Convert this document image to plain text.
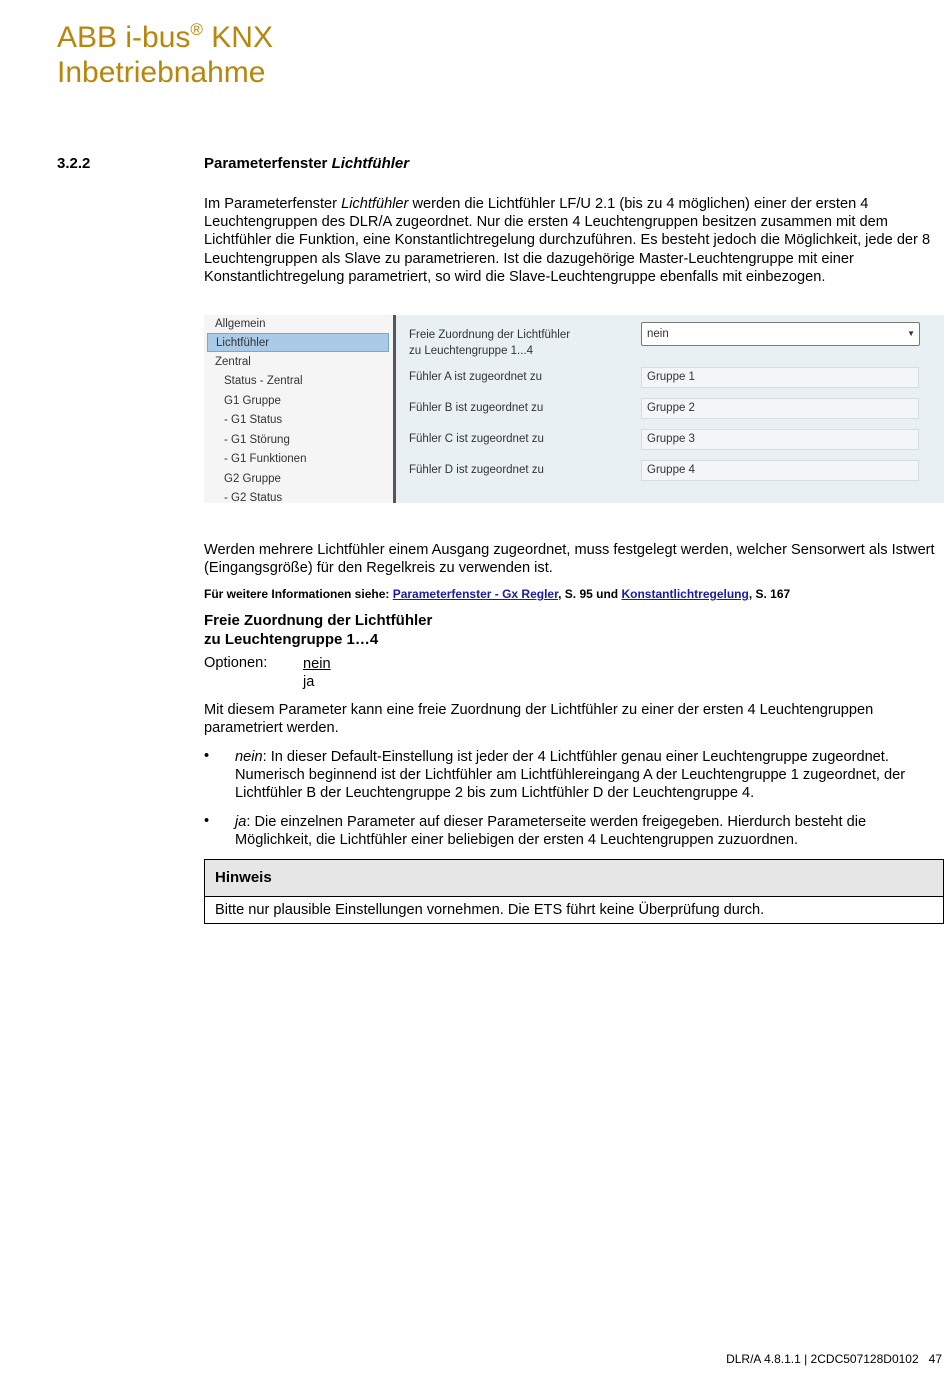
ABB i-bus® KNX
Inbetriebnahme
3.2.2	Parameterfenster Lichtfühler
Im Parameterfenster Lichtfühler werden die Lichtfühler LF/U 2.1 (bis zu 4 möglichen) einer der ersten 4 Leuchtengruppen des DLR/A zugeordnet. Nur die ersten 4 Leuchtengruppen besitzen zusammen mit dem Lichtfühler die Funktion, eine Konstantlichtregelung durchzuführen. Es besteht jedoch die Möglichkeit, jede der 8 Leuchtengruppen als Slave zu parametrieren. Ist die dazugehörige Master-Leuchtengruppe mit einer Konstantlichtregelung parametriert, so wird die Slave-Leuchtengruppe ebenfalls mit einbezogen.
Allgemein
Lichtfühler
Zentral
Status - Zentral
G1 Gruppe
- G1 Status
- G1 Störung
- G1 Funktionen
G2 Gruppe
- G2 Status
Freie Zuordnung der Lichtfühler
zu Leuchtengruppe 1...4
nein	▼
Fühler A ist zugeordnet zu	Gruppe 1
Fühler B ist zugeordnet zu	Gruppe 2
Fühler C ist zugeordnet zu	Gruppe 3
Fühler D ist zugeordnet zu	Gruppe 4
Werden mehrere Lichtfühler einem Ausgang zugeordnet, muss festgelegt werden, welcher Sensorwert als Istwert (Eingangsgröße) für den Regelkreis zu verwenden ist.
Für weitere Informationen siehe: Parameterfenster - Gx Regler, S. 95 und Konstantlichtregelung, S. 167
Freie Zuordnung der Lichtfühler
zu Leuchtengruppe 1…4
Optionen: nein
ja
Mit diesem Parameter kann eine freie Zuordnung der Lichtfühler zu einer der ersten 4 Leuchtengruppen parametriert werden.
• nein: In dieser Default-Einstellung ist jeder der 4 Lichtfühler genau einer Leuchtengruppe zugeordnet. Numerisch beginnend ist der Lichtfühler am Lichtfühlereingang A der Leuchtengruppe 1 zugeordnet, der Lichtfühler B der Leuchtengruppe 2 bis zum Lichtfühler D der Leuchtengruppe 4.
• ja: Die einzelnen Parameter auf dieser Parameterseite werden freigegeben. Hierdurch besteht die Möglichkeit, die Lichtfühler einer beliebigen der ersten 4 Leuchtengruppen zuzuordnen.
Hinweis
Bitte nur plausible Einstellungen vornehmen. Die ETS führt keine Überprüfung durch.
DLR/A 4.8.1.1 | 2CDC507128D0102   47
